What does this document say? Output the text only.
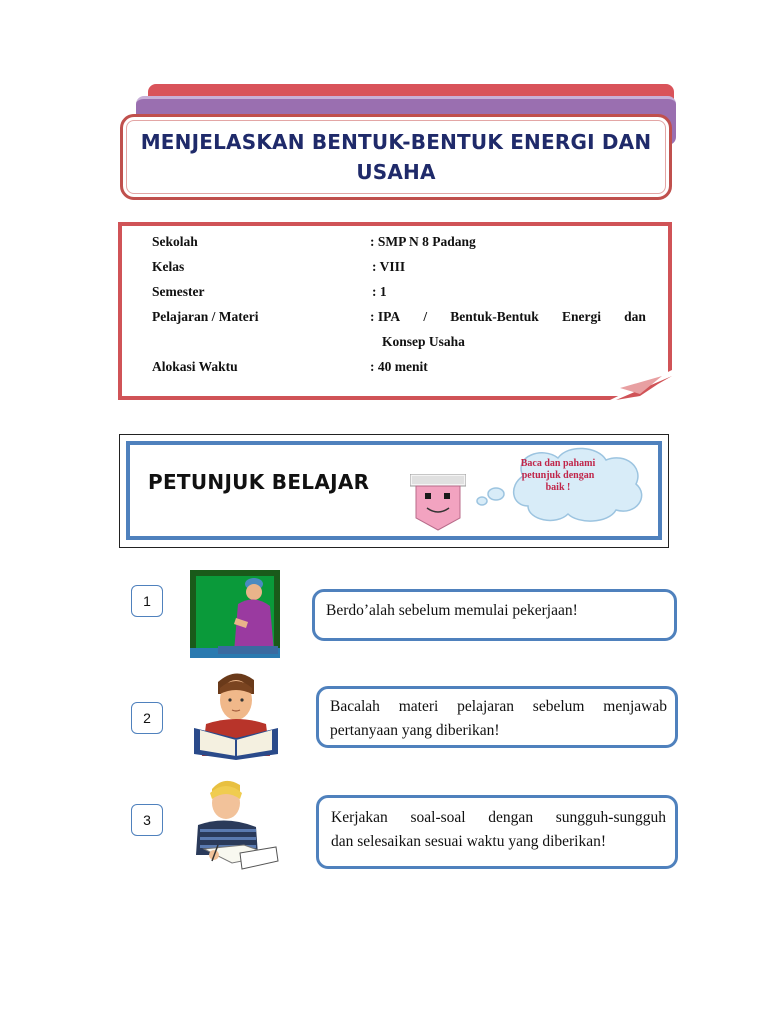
MENJELASKAN BENTUK-BENTUK ENERGI DAN USAHA
Sekolah	: SMP N 8 Padang
Kelas	: VIII
Semester	: 1
Pelajaran / Materi	: IPA / Bentuk-Bentuk Energi dan
Konsep Usaha
Alokasi Waktu	: 40 menit
PETUNJUK BELAJAR
Baca dan pahami
petunjuk dengan
baik !
1
Berdo’alah sebelum memulai pekerjaan!
2
Bacalah materi pelajaran sebelum menjawab
pertanyaan yang diberikan!
3	Kerjakan soal-soal dengan sungguh-sungguh
dan selesaikan sesuai waktu yang diberikan!
